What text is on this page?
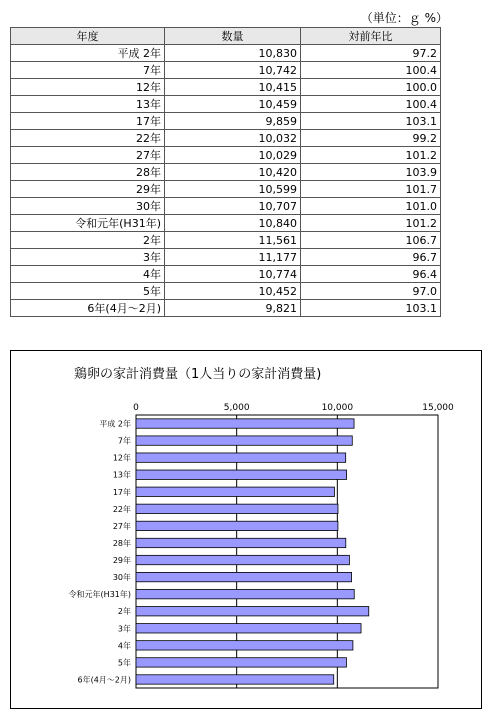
（単位：ｇ %）
年度	数量	対前年比
平成 2年	10,830	97.2
7年	10,742	100.4
12年	10,415	100.0
13年	10,459	100.4
17年	9,859	103.1
22年	10,032	99.2
27年	10,029	101.2
28年	10,420	103.9
29年	10,599	101.7
30年	10,707	101.0
令和元年(H31年)	10,840	101.2
2年	11,561	106.7
3年	11,177	96.7
4年	10,774	96.4
5年	10,452	97.0
6年(4月～2月)	9,821	103.1
鶏卵の家計消費量（1人当りの家計消費量)
0	5,000	10,000	15,000
平成 2年
7年
12年
13年
17年
22年
27年
28年
29年
30年
令和元年(H31年)
2年
3年
4年
5年
6年(4月～2月)
